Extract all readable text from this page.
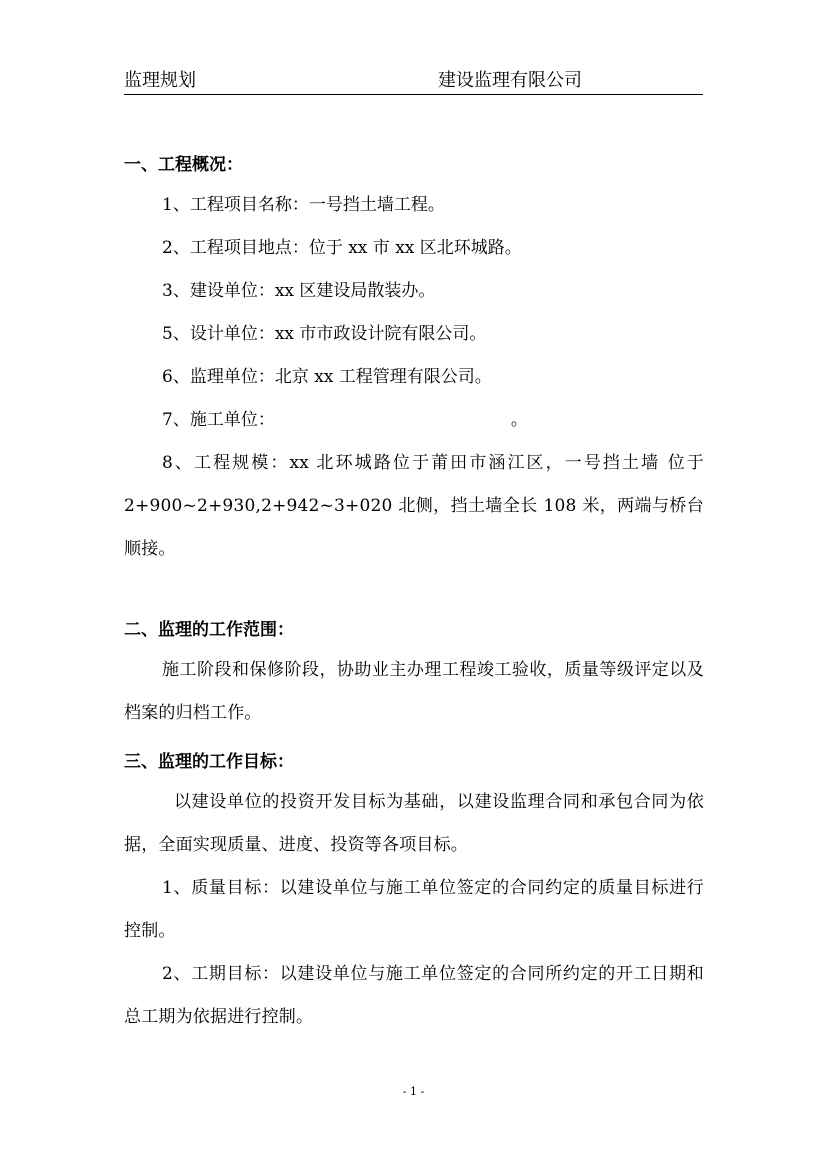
监理规划	建设监理有限公司
一、工程概况：
1、工程项目名称：一号挡土墙工程。
2、工程项目地点：位于 xx 市 xx 区北环城路。
3、建设单位：xx 区建设局散装办。
5、设计单位：xx 市市政设计院有限公司。
6、监理单位：北京 xx 工程管理有限公司。
7、施工单位：	。
8、工程规模：xx 北环城路位于莆田市涵江区，一号挡土墙 位于 2+900~2+930,2+942~3+020 北侧，挡土墙全长 108 米，两端与桥台顺接。
二、监理的工作范围：
施工阶段和保修阶段，协助业主办理工程竣工验收，质量等级评定以及档案的归档工作。
三、监理的工作目标：
以建设单位的投资开发目标为基础，以建设监理合同和承包合同为依据，全面实现质量、进度、投资等各项目标。
1、质量目标：以建设单位与施工单位签定的合同约定的质量目标进行控制。
2、工期目标：以建设单位与施工单位签定的合同所约定的开工日期和总工期为依据进行控制。
- 1 -
